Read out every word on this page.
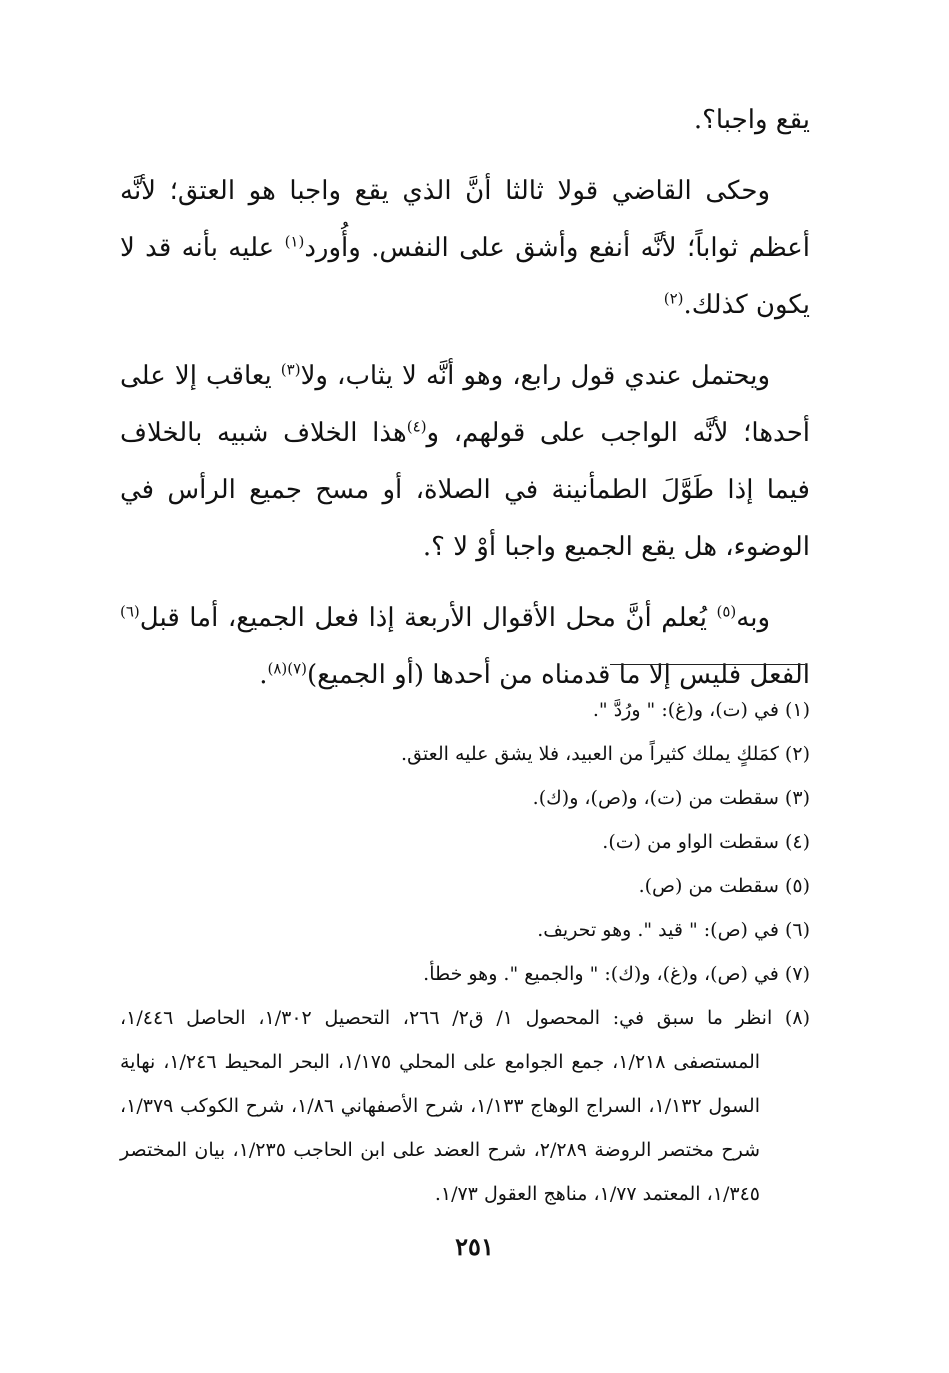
يقع واجبا؟.

وحكى القاضي قولا ثالثا أنَّ الذي يقع واجبا هو العتق؛ لأنَّه أعظم ثواباً؛ لأنَّه أنفع وأشق على النفس. وأُورد$^{(١)}$ عليه بأنه قد لا يكون كذلك.$^{(٢)}$

ويحتمل عندي قول رابع، وهو أنَّه لا يثاب، ولا$^{(٣)}$ يعاقب إلا على أحدها؛ لأنَّه الواجب على قولهم، و$^{(٤)}$هذا الخلاف شبيه بالخلاف فيما إذا طَوَّلَ الطمأنينة في الصلاة، أو مسح جميع الرأس في الوضوء، هل يقع الجميع واجبا أوْ لا ؟.

وبه$^{(٥)}$ يُعلم أنَّ محل الأقوال الأربعة إذا فعل الجميع، أما قبل$^{(٦)}$ الفعل فليس إلا ما قدمناه من أحدها (أو الجميع)$^{(٧)(٨)}$.

(١) في (ت)، و(غ): " ورُدَّ ".

(٢) كمَلكٍ يملك كثيراً من العبيد، فلا يشق عليه العتق.

(٣) سقطت من (ت)، و(ص)، و(ك).

(٤) سقطت الواو من (ت).

(٥) سقطت من (ص).

(٦) في (ص): " قيد ". وهو تحريف.

(٧) في (ص)، و(غ)، و(ك): " والجميع ". وهو خطأ.

(٨) انظر ما سبق في: المحصول ١/ ق٢/ ٢٦٦، التحصيل ١/٣٠٢، الحاصل ١/٤٤٦، المستصفى ١/٢١٨، جمع الجوامع على المحلي ١/١٧٥، البحر المحيط ١/٢٤٦، نهاية السول ١/١٣٢، السراج الوهاج ١/١٣٣، شرح الأصفهاني ١/٨٦، شرح الكوكب ١/٣٧٩، شرح مختصر الروضة ٢/٢٨٩، شرح العضد على ابن الحاجب ١/٢٣٥، بيان المختصر ١/٣٤٥، المعتمد ١/٧٧، مناهج العقول ١/٧٣.

٢٥١
